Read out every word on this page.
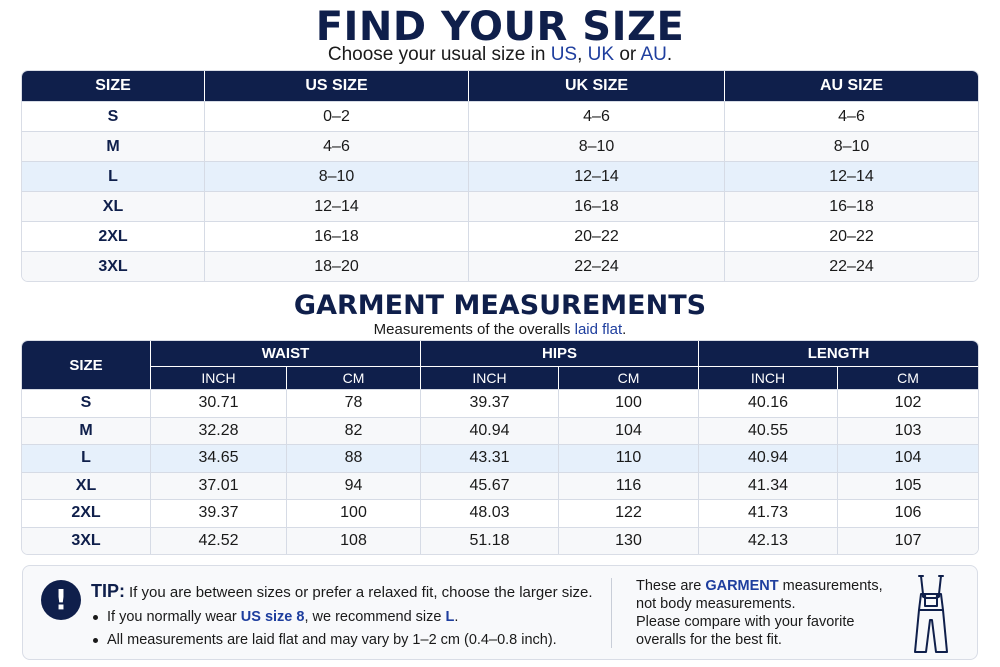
FIND YOUR SIZE
Choose your usual size in US, UK or AU.
SIZE	US SIZE	UK SIZE	AU SIZE
S	0–2	4–6	4–6
M	4–6	8–10	8–10
L	8–10	12–14	12–14
XL	12–14	16–18	16–18
2XL	16–18	20–22	20–22
3XL	18–20	22–24	22–24
GARMENT MEASUREMENTS
Measurements of the overalls laid flat.
SIZE	WAIST		HIPS		LENGTH	
	INCH	CM	INCH	CM	INCH	CM
S	30.71	78	39.37	100	40.16	102
M	32.28	82	40.94	104	40.55	103
L	34.65	88	43.31	110	40.94	104
XL	37.01	94	45.67	116	41.34	105
2XL	39.37	100	48.03	122	41.73	106
3XL	42.52	108	51.18	130	42.13	107
!	TIP: If you are between sizes or prefer a relaxed fit, choose the larger size.
If you normally wear US size 8, we recommend size L.
All measurements are laid flat and may vary by 1–2 cm (0.4–0.8 inch).
These are GARMENT measurements,
not body measurements.
Please compare with your favorite
overalls for the best fit.
